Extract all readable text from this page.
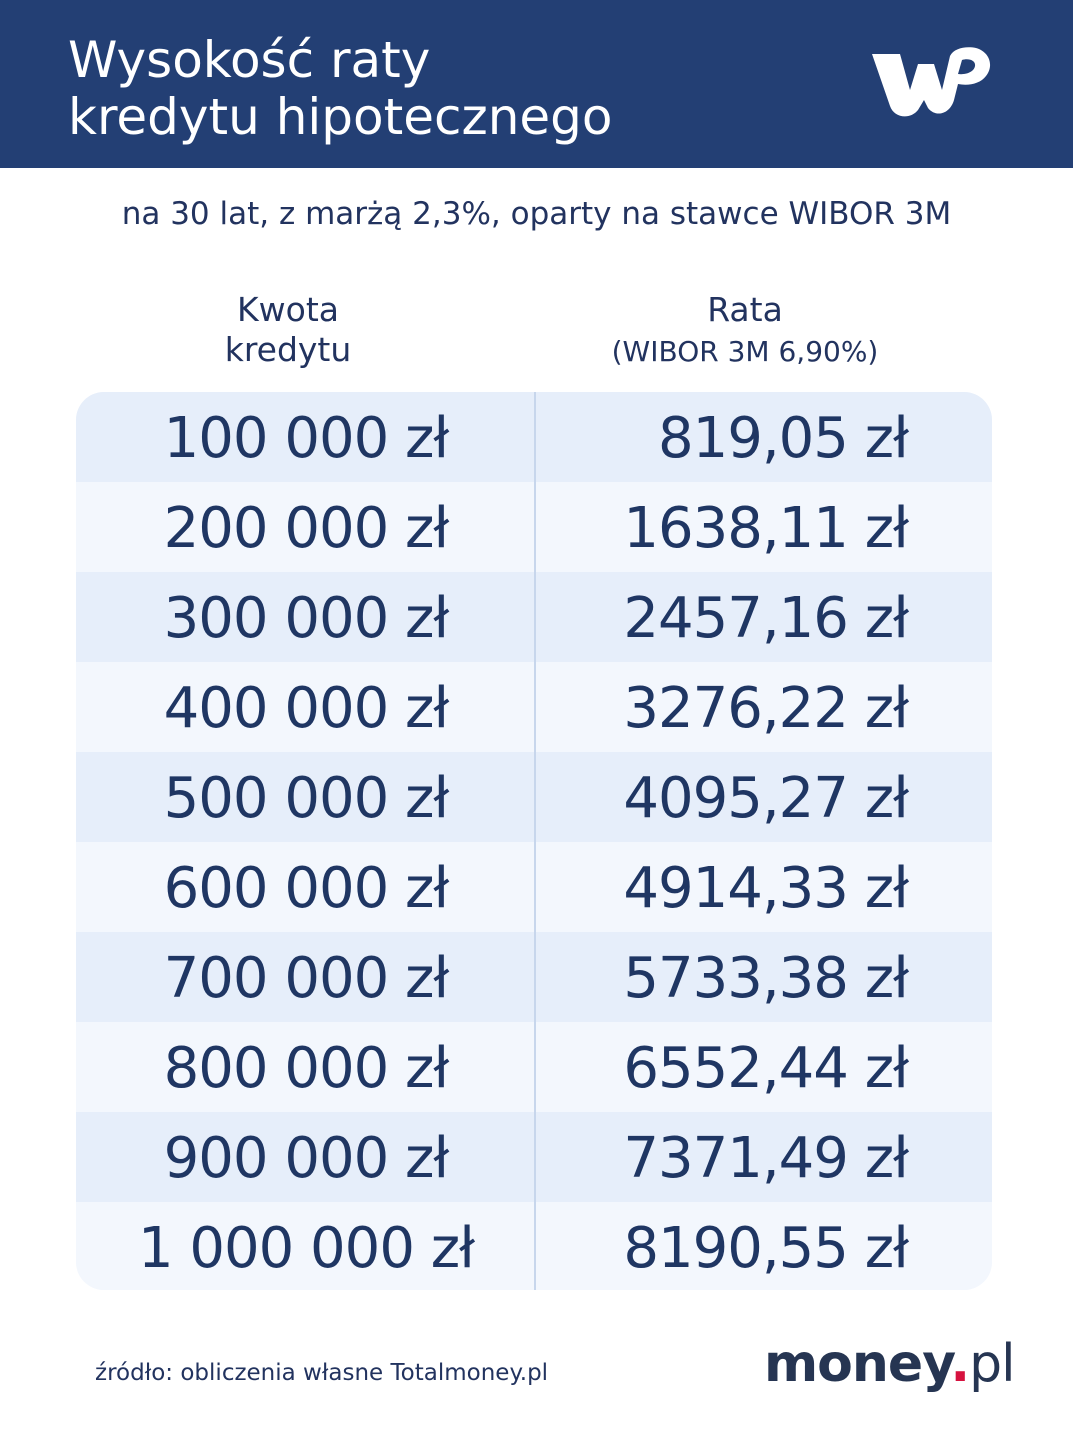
Wysokość raty
kredytu hipotecznego
na 30 lat, z marżą 2,3%, oparty na stawce WIBOR 3M
Kwota
kredytu
Rata
(WIBOR 3M 6,90%)
100 000 zł	819,05 zł
200 000 zł	1638,11 zł
300 000 zł	2457,16 zł
400 000 zł	3276,22 zł
500 000 zł	4095,27 zł
600 000 zł	4914,33 zł
700 000 zł	5733,38 zł
800 000 zł	6552,44 zł
900 000 zł	7371,49 zł
1 000 000 zł	8190,55 zł
źródło: obliczenia własne Totalmoney.pl	money.pl
